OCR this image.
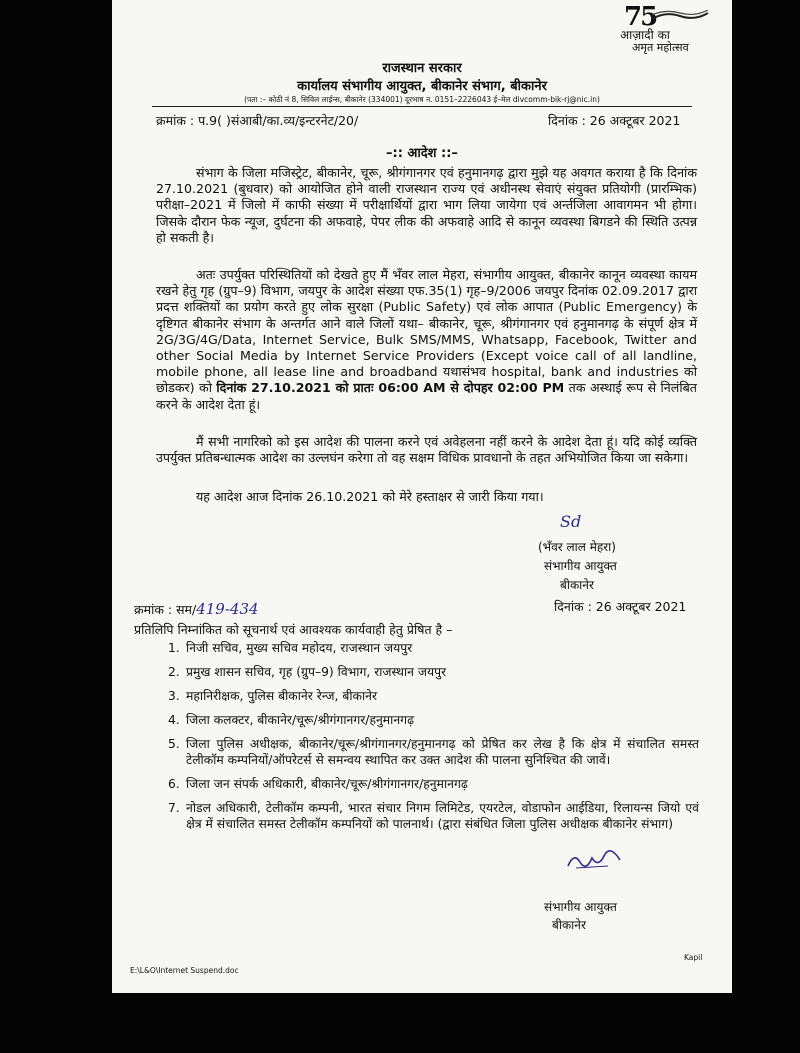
75
आज़ादी का
अमृत महोत्सव
राजस्थान सरकार
कार्यालय संभागीय आयुक्त, बीकानेर संभाग, बीकानेर
(पता :– कोठी नं 8, सिविल लाईन्स, बीकानेर (334001) दूरभाष न. 0151–2226043 ई–मेल divcomm-bik-rj@nic.in)
क्रमांक : प.9( )संआबी/का.व्य/इन्टरनेट/20/	दिनांक : 26 अक्टूबर 2021
–:: आदेश ::–

संभाग के जिला मजिस्ट्रेट, बीकानेर, चूरू, श्रीगंगानगर एवं हनुमानगढ़ द्वारा मुझे यह अवगत कराया है कि दिनांक 27.10.2021 (बुधवार) को आयोजित होने वाली राजस्थान राज्य एवं अधीनस्थ सेवाएं संयुक्त प्रतियोगी (प्रारम्भिक) परीक्षा–2021 में जिलो में काफी संख्या में परीक्षार्थियों द्वारा भाग लिया जायेगा एवं अर्न्तजिला आवागमन भी होगा। जिसके दौरान फेक न्यूज, दुर्घटना की अफवाहे, पेपर लीक की अफवाहे आदि से कानून व्यवस्था बिगडने की स्थिति उत्पन्न हो सकती है।

अतः उपर्युक्त परिस्थितियों को देखते हुए मैं भँवर लाल मेहरा, संभागीय आयुक्त, बीकानेर कानून व्यवस्था कायम रखने हेतु गृह (ग्रुप–9) विभाग, जयपुर के आदेश संख्या एफ.35(1) गृह–9/2006 जयपुर दिनांक 02.09.2017 द्वारा प्रदत्त शक्तियों का प्रयोग करते हुए लोक सुरक्षा (Public Safety) एवं लोक आपात (Public Emergency) के दृष्टिगत बीकानेर संभाग के अन्तर्गत आने वाले जिलों यथा– बीकानेर, चूरू, श्रीगंगानगर एवं हनुमानगढ़ के संपूर्ण क्षेत्र में 2G/3G/4G/Data, Internet Service, Bulk SMS/MMS, Whatsapp, Facebook, Twitter and other Social Media by Internet Service Providers (Except voice call of all landline, mobile phone, all lease line and broadband यथासंभव hospital, bank and industries को छोडकर) को दिनांक 27.10.2021 को प्रातः 06:00 AM से दोपहर 02:00 PM तक अस्थाई रूप से निलंबित करने के आदेश देता हूं।

मैं सभी नागरिको को इस आदेश की पालना करने एवं अवेहलना नहीं करने के आदेश देता हूं। यदि कोई व्यक्ति उपर्युक्त प्रतिबन्धात्मक आदेश का उल्लघंन करेगा तो वह सक्षम विधिक प्रावधानो के तहत अभियोजित किया जा सकेगा।

यह आदेश आज दिनांक 26.10.2021 को मेरे हस्ताक्षर से जारी किया गया।

Sd
(भँवर लाल मेहरा)
संभागीय आयुक्त
बीकानेर
क्रमांक : सम/419-434	दिनांक : 26 अक्टूबर 2021
प्रतिलिपि निम्नांकित को सूचनार्थ एवं आवश्यक कार्यवाही हेतु प्रेषित है –
1. निजी सचिव, मुख्य सचिव महोदय, राजस्थान जयपुर
2. प्रमुख शासन सचिव, गृह (ग्रुप–9) विभाग, राजस्थान जयपुर
3. महानिरीक्षक, पुलिस बीकानेर रेन्ज, बीकानेर
4. जिला कलक्टर, बीकानेर/चूरू/श्रीगंगानगर/हनुमानगढ़
5. जिला पुलिस अधीक्षक, बीकानेर/चूरू/श्रीगंगानगर/हनुमानगढ़ को प्रेषित कर लेख है कि क्षेत्र में संचालित समस्त टेलीकॉम कम्पनियों/ऑपरेटर्स से समन्वय स्थापित कर उक्त आदेश की पालना सुनिश्चित की जावें।
6. जिला जन संपर्क अधिकारी, बीकानेर/चूरू/श्रीगंगानगर/हनुमानगढ़
7. नोडल अधिकारी, टेलीकॉम कम्पनी, भारत संचार निगम लिमिटेड, एयरटेल, वोडाफोन आईडिया, रिलायन्स जियो एवं क्षेत्र में संचालित समस्त टेलीकॉम कम्पनियों को पालनार्थ। (द्वारा संबंधित जिला पुलिस अधीक्षक बीकानेर संभाग)
संभागीय आयुक्त
बीकानेर
E:\L&O\Internet Suspend.doc
Kapil
